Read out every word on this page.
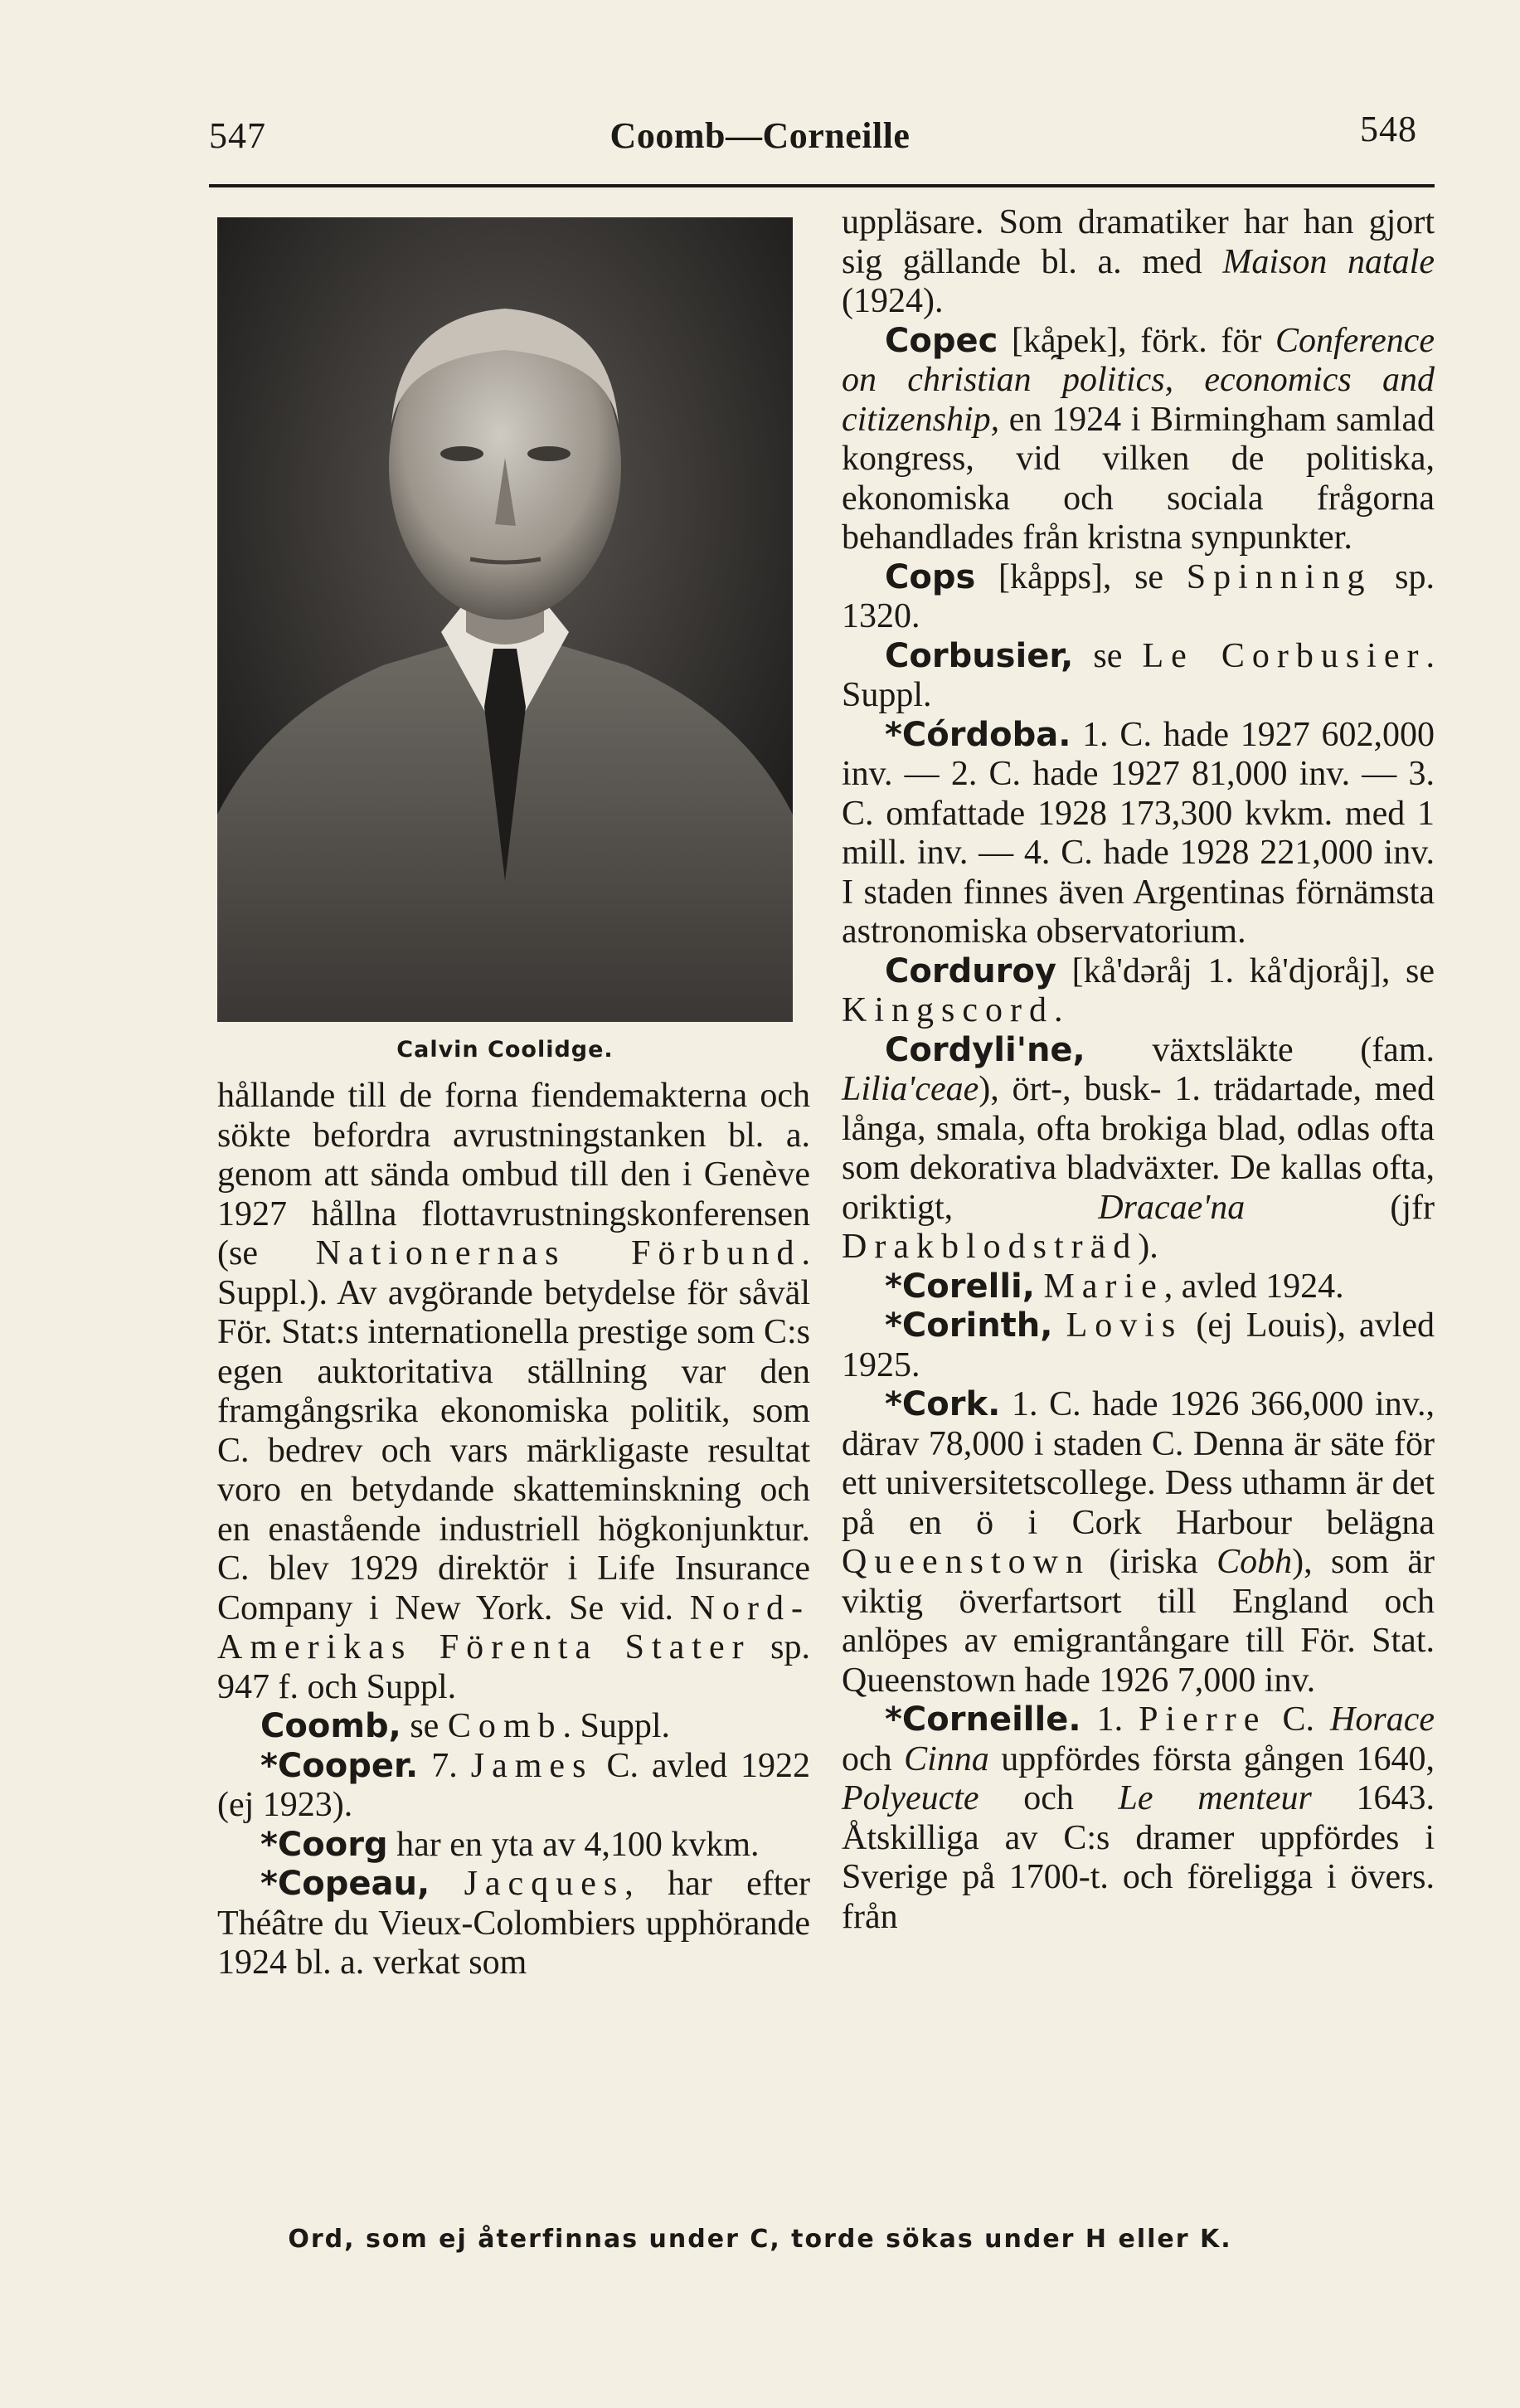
547	Coomb—Corneille	548
Calvin Coolidge.

hållande till de forna fiendemakterna och sökte befordra avrustningstanken bl. a. genom att sända ombud till den i Genève 1927 hållna flottavrustningskonferensen (se Nationernas Förbund. Suppl.). Av avgörande betydelse för såväl För. Stat:s internationella prestige som C:s egen auktoritativa ställning var den framgångsrika ekonomiska politik, som C. bedrev och vars märkligaste resultat voro en betydande skatteminskning och en enastående industriell högkonjunktur. C. blev 1929 direktör i Life Insurance Company i New York. Se vid. Nord-Amerikas Förenta Stater sp. 947 f. och Suppl.

Coomb, se Comb. Suppl.

*Cooper. 7. James C. avled 1922 (ej 1923).

*Coorg har en yta av 4,100 kvkm.

*Copeau, Jacques, har efter Théâtre du Vieux-Colombiers upphörande 1924 bl. a. verkat som

uppläsare. Som dramatiker har han gjort sig gällande bl. a. med Maison natale (1924).

Copec [kå̯pek], förk. för Conference on christian politics, economics and citizenship, en 1924 i Birmingham samlad kongress, vid vilken de politiska, ekonomiska och sociala frågorna behandlades från kristna synpunkter.

Cops [kåpps], se Spinning sp. 1320.

Corbusier, se Le Corbusier. Suppl.

*Córdoba. 1. C. hade 1927 602,000 inv. — 2. C. hade 1927 81,000 inv. — 3. C. omfattade 1928 173,300 kvkm. med 1 mill. inv. — 4. C. hade 1928 221,000 inv. I staden finnes även Argentinas förnämsta astronomiska observatorium.

Corduroy [kå'dəråj 1. kå'djoråj], se Kingscord.

Cordyli'ne, växtsläkte (fam. Lilia'ceae), ört-, busk- 1. trädartade, med långa, smala, ofta brokiga blad, odlas ofta som dekorativa bladväxter. De kallas ofta, oriktigt, Dracae'na (jfr Drakblodsträd).

*Corelli, Marie, avled 1924.

*Corinth, Lovis (ej Louis), avled 1925.

*Cork. 1. C. hade 1926 366,000 inv., därav 78,000 i staden C. Denna är säte för ett universitetscollege. Dess uthamn är det på en ö i Cork Harbour belägna Queenstown (iriska Cobh), som är viktig överfartsort till England och anlöpes av emigrantångare till För. Stat. Queenstown hade 1926 7,000 inv.

*Corneille. 1. Pierre C. Horace och Cinna uppfördes första gången 1640, Polyeucte och Le menteur 1643. Åtskilliga av C:s dramer uppfördes i Sverige på 1700-t. och föreligga i övers. från

Ord, som ej återfinnas under C, torde sökas under H eller K.
